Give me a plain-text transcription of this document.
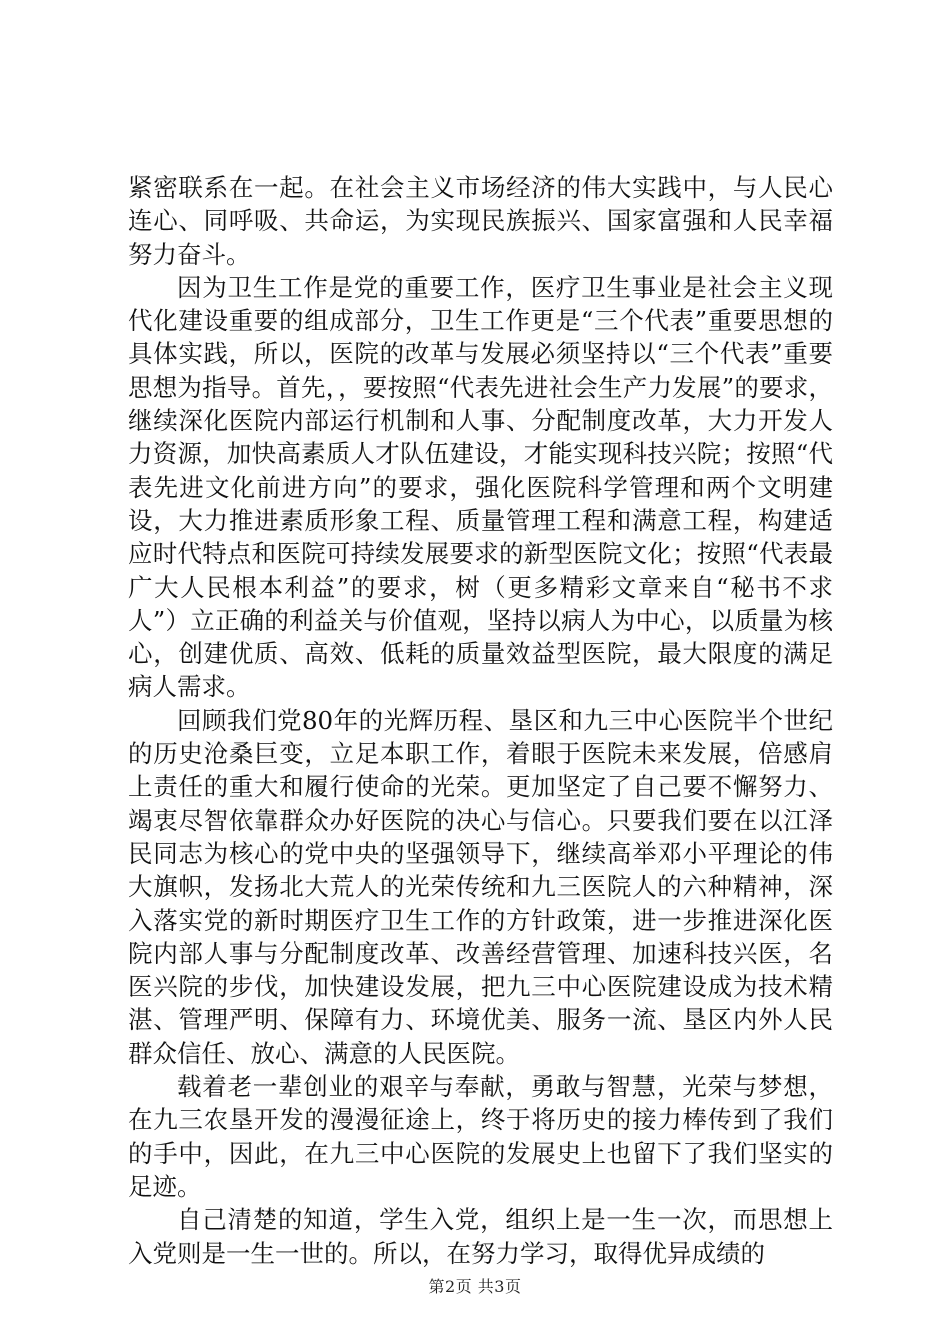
紧密联系在一起。在社会主义市场经济的伟大实践中，与人民心连心、同呼吸、共命运，为实现民族振兴、国家富强和人民幸福努力奋斗。

因为卫生工作是党的重要工作，医疗卫生事业是社会主义现代化建设重要的组成部分，卫生工作更是“三个代表”重要思想的具体实践，所以，医院的改革与发展必须坚持以“三个代表”重要思想为指导。首先，，要按照“代表先进社会生产力发展”的要求，继续深化医院内部运行机制和人事、分配制度改革，大力开发人力资源，加快高素质人才队伍建设，才能实现科技兴院；按照“代表先进文化前进方向”的要求，强化医院科学管理和两个文明建设，大力推进素质形象工程、质量管理工程和满意工程，构建适应时代特点和医院可持续发展要求的新型医院文化；按照“代表最广大人民根本利益”的要求，树（更多精彩文章来自“秘书不求人”）立正确的利益关与价值观，坚持以病人为中心，以质量为核心，创建优质、高效、低耗的质量效益型医院，最大限度的满足病人需求。

回顾我们党80年的光辉历程、垦区和九三中心医院半个世纪的历史沧桑巨变，立足本职工作，着眼于医院未来发展，倍感肩上责任的重大和履行使命的光荣。更加坚定了自己要不懈努力、竭衷尽智依靠群众办好医院的决心与信心。只要我们要在以江泽民同志为核心的党中央的坚强领导下，继续高举邓小平理论的伟大旗帜，发扬北大荒人的光荣传统和九三医院人的六种精神，深入落实党的新时期医疗卫生工作的方针政策，进一步推进深化医院内部人事与分配制度改革、改善经营管理、加速科技兴医，名医兴院的步伐，加快建设发展，把九三中心医院建设成为技术精湛、管理严明、保障有力、环境优美、服务一流、垦区内外人民群众信任、放心、满意的人民医院。

载着老一辈创业的艰辛与奉献，勇敢与智慧，光荣与梦想，在九三农垦开发的漫漫征途上，终于将历史的接力棒传到了我们的手中，因此，在九三中心医院的发展史上也留下了我们坚实的足迹。

自己清楚的知道，学生入党，组织上是一生一次，而思想上入党则是一生一世的。所以，在努力学习，取得优异成绩的

第2页 共3页
